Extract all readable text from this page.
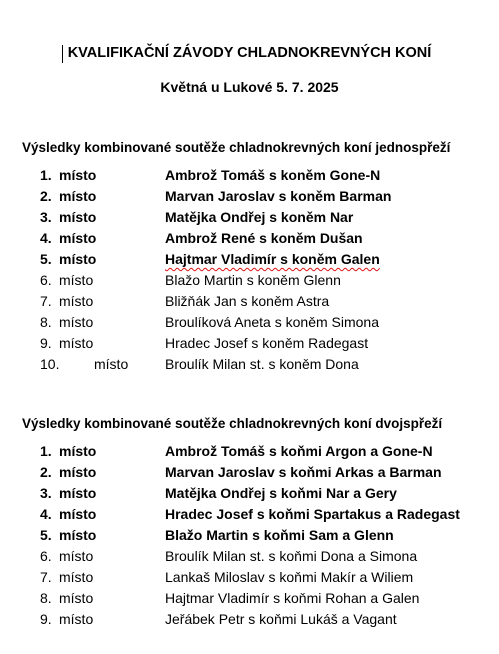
KVALIFIKAČNÍ ZÁVODY CHLADNOKREVNÝCH KONÍ
Květná u Lukové 5. 7. 2025
Výsledky kombinované soutěže chladnokrevných koní jednospřeží
1. místo	Ambrož Tomáš s koněm Gone-N
2. místo	Marvan Jaroslav s koněm Barman
3. místo	Matějka Ondřej s koněm Nar
4. místo	Ambrož René s koněm Dušan
5. místo	Hajtmar Vladimír s koněm Galen
6. místo	Blažo Martin s koněm Glenn
7. místo	Bližňák Jan s koněm Astra
8. místo	Broulíková Aneta s koněm Simona
9. místo	Hradec Josef s koněm Radegast
10. místo	Broulík Milan st. s koněm Dona
Výsledky kombinované soutěže chladnokrevných koní dvojspřeží
1. místo	Ambrož Tomáš s koňmi Argon a Gone-N
2. místo	Marvan Jaroslav s koňmi Arkas a Barman
3. místo	Matějka Ondřej s koňmi Nar a Gery
4. místo	Hradec Josef s koňmi Spartakus a Radegast
5. místo	Blažo Martin s koňmi Sam a Glenn
6. místo	Broulík Milan st. s koňmi Dona a Simona
7. místo	Lankaš Miloslav s koňmi Makír a Wiliem
8. místo	Hajtmar Vladimír s koňmi Rohan a Galen
9. místo	Jeřábek Petr s koňmi Lukáš a Vagant
